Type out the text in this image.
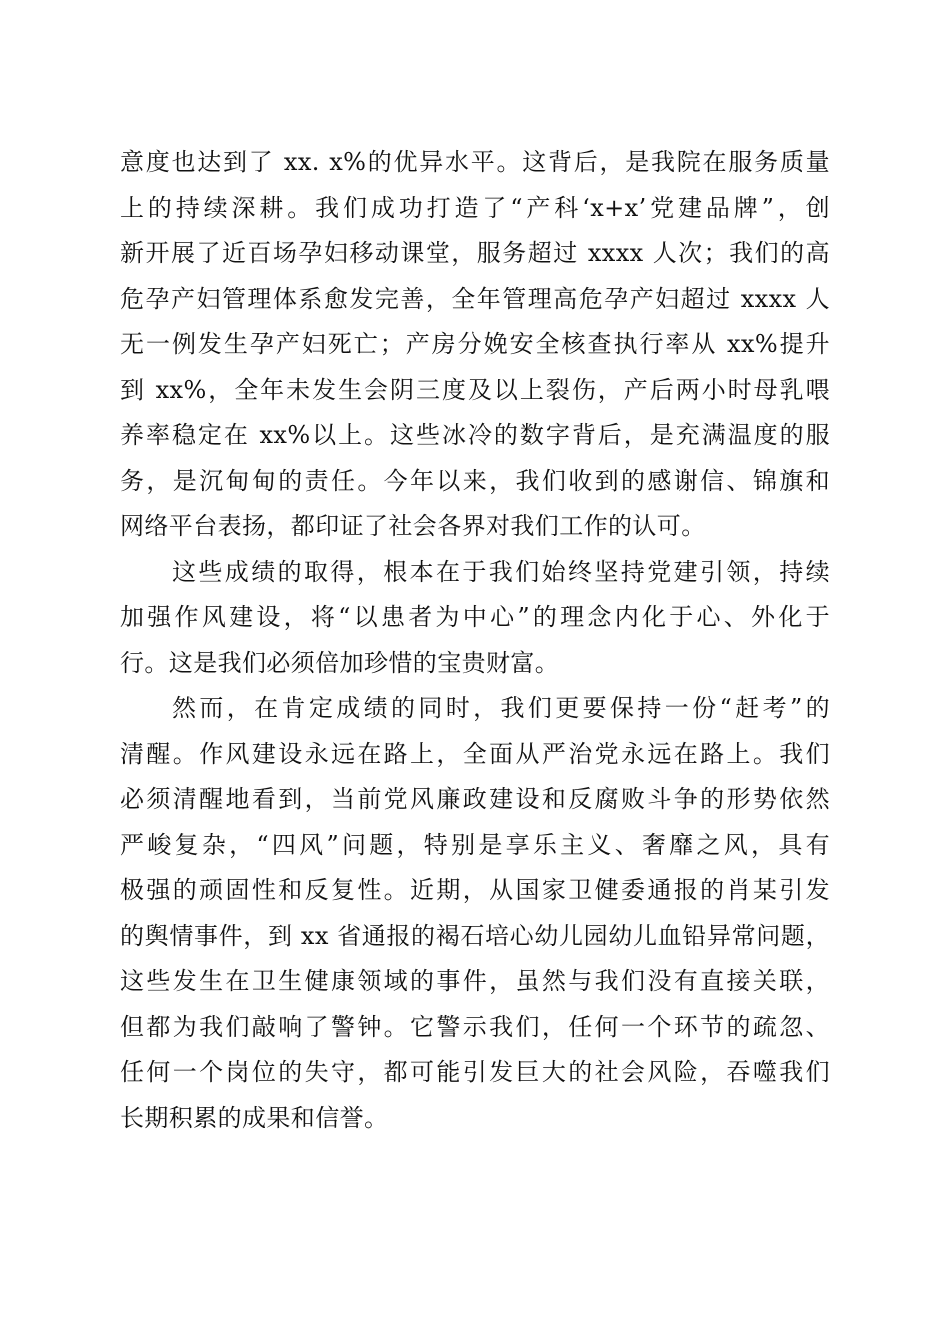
意度也达到了 xx. x%的优异水平。这背后，是我院在服务质量
上的持续深耕。我们成功打造了“产科‘x+x’党建品牌”，创
新开展了近百场孕妇移动课堂，服务超过 xxxx 人次；我们的高
危孕产妇管理体系愈发完善，全年管理高危孕产妇超过 xxxx 人
无一例发生孕产妇死亡；产房分娩安全核查执行率从 xx%提升
到 xx%，全年未发生会阴三度及以上裂伤，产后两小时母乳喂
养率稳定在 xx%以上。这些冰冷的数字背后，是充满温度的服
务，是沉甸甸的责任。今年以来，我们收到的感谢信、锦旗和
网络平台表扬，都印证了社会各界对我们工作的认可。
这些成绩的取得，根本在于我们始终坚持党建引领，持续
加强作风建设，将“以患者为中心”的理念内化于心、外化于
行。这是我们必须倍加珍惜的宝贵财富。
然而，在肯定成绩的同时，我们更要保持一份“赶考”的
清醒。作风建设永远在路上，全面从严治党永远在路上。我们
必须清醒地看到，当前党风廉政建设和反腐败斗争的形势依然
严峻复杂，“四风”问题，特别是享乐主义、奢靡之风，具有
极强的顽固性和反复性。近期，从国家卫健委通报的肖某引发
的舆情事件，到 xx 省通报的褐石培心幼儿园幼儿血铅异常问题，
这些发生在卫生健康领域的事件，虽然与我们没有直接关联，
但都为我们敲响了警钟。它警示我们，任何一个环节的疏忽、
任何一个岗位的失守，都可能引发巨大的社会风险，吞噬我们
长期积累的成果和信誉。
